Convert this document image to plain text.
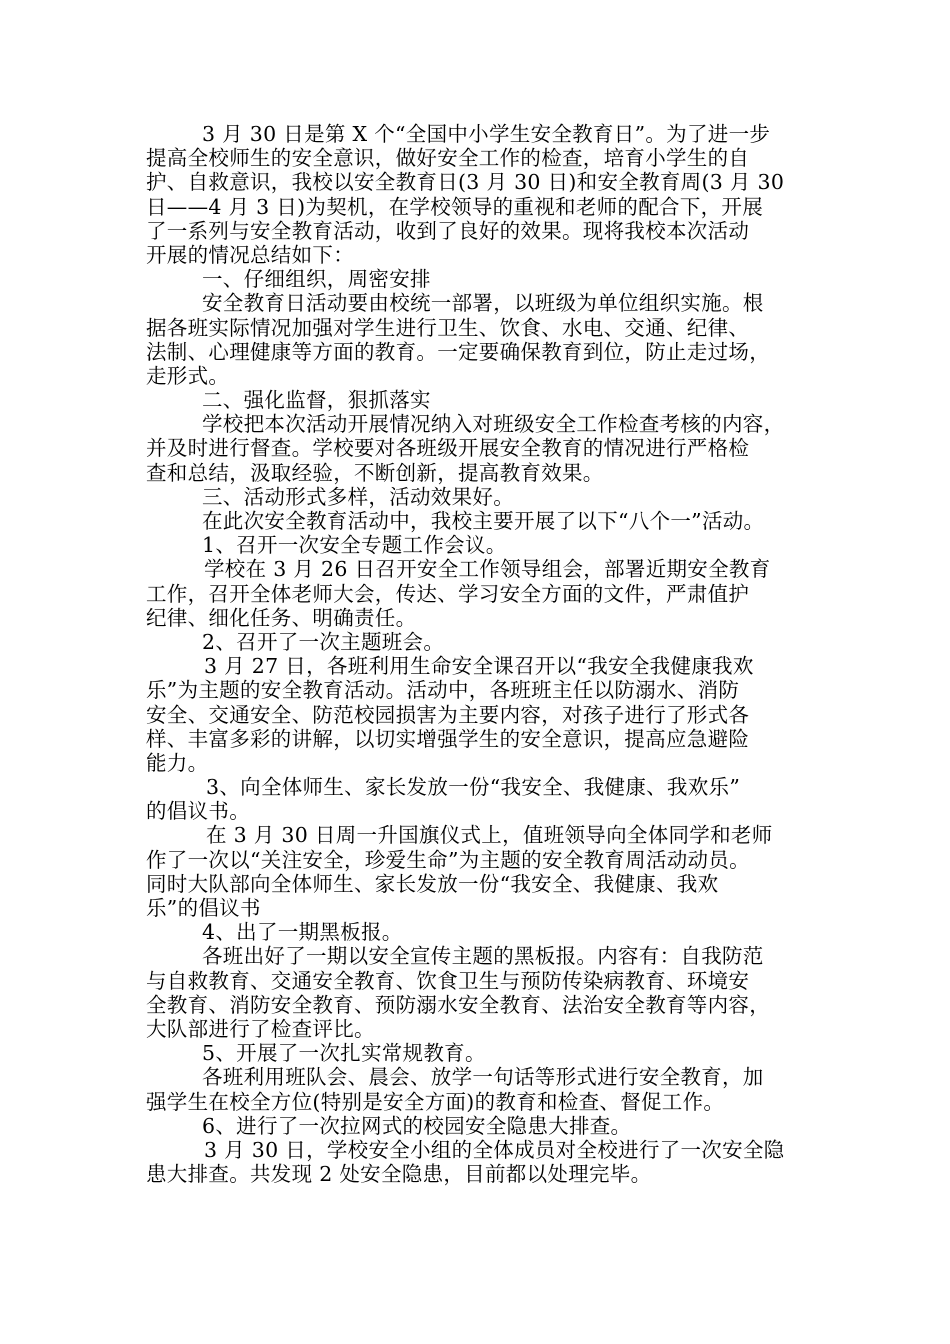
3 月 30 日是第 X 个“全国中小学生安全教育日”。为了进一步
提高全校师生的安全意识，做好安全工作的检查，培育小学生的自
护、自救意识，我校以安全教育日(3 月 30 日)和安全教育周(3 月 30
日——4 月 3 日)为契机，在学校领导的重视和老师的配合下，开展
了一系列与安全教育活动，收到了良好的效果。现将我校本次活动
开展的情况总结如下：
一、仔细组织，周密安排
安全教育日活动要由校统一部署，以班级为单位组织实施。根
据各班实际情况加强对学生进行卫生、饮食、水电、交通、纪律、
法制、心理健康等方面的教育。一定要确保教育到位，防止走过场，
走形式。
二、强化监督，狠抓落实
学校把本次活动开展情况纳入对班级安全工作检查考核的内容，
并及时进行督查。学校要对各班级开展安全教育的情况进行严格检
查和总结，汲取经验，不断创新，提高教育效果。
三、活动形式多样，活动效果好。
在此次安全教育活动中，我校主要开展了以下“八个一”活动。
1、召开一次安全专题工作会议。
学校在 3 月 26 日召开安全工作领导组会，部署近期安全教育
工作，召开全体老师大会，传达、学习安全方面的文件，严肃值护
纪律、细化任务、明确责任。
2、召开了一次主题班会。
3 月 27 日，各班利用生命安全课召开以“我安全我健康我欢
乐”为主题的安全教育活动。活动中，各班班主任以防溺水、消防
安全、交通安全、防范校园损害为主要内容，对孩子进行了形式各
样、丰富多彩的讲解，以切实增强学生的安全意识，提高应急避险
能力。
3、向全体师生、家长发放一份“我安全、我健康、我欢乐”
的倡议书。
在 3 月 30 日周一升国旗仪式上，值班领导向全体同学和老师
作了一次以“关注安全，珍爱生命”为主题的安全教育周活动动员。
同时大队部向全体师生、家长发放一份“我安全、我健康、我欢
乐”的倡议书
4、出了一期黑板报。
各班出好了一期以安全宣传主题的黑板报。内容有：自我防范
与自救教育、交通安全教育、饮食卫生与预防传染病教育、环境安
全教育、消防安全教育、预防溺水安全教育、法治安全教育等内容，
大队部进行了检查评比。
5、开展了一次扎实常规教育。
各班利用班队会、晨会、放学一句话等形式进行安全教育，加
强学生在校全方位(特别是安全方面)的教育和检查、督促工作。
6、进行了一次拉网式的校园安全隐患大排查。
3 月 30 日，学校安全小组的全体成员对全校进行了一次安全隐
患大排查。共发现 2 处安全隐患，目前都以处理完毕。
